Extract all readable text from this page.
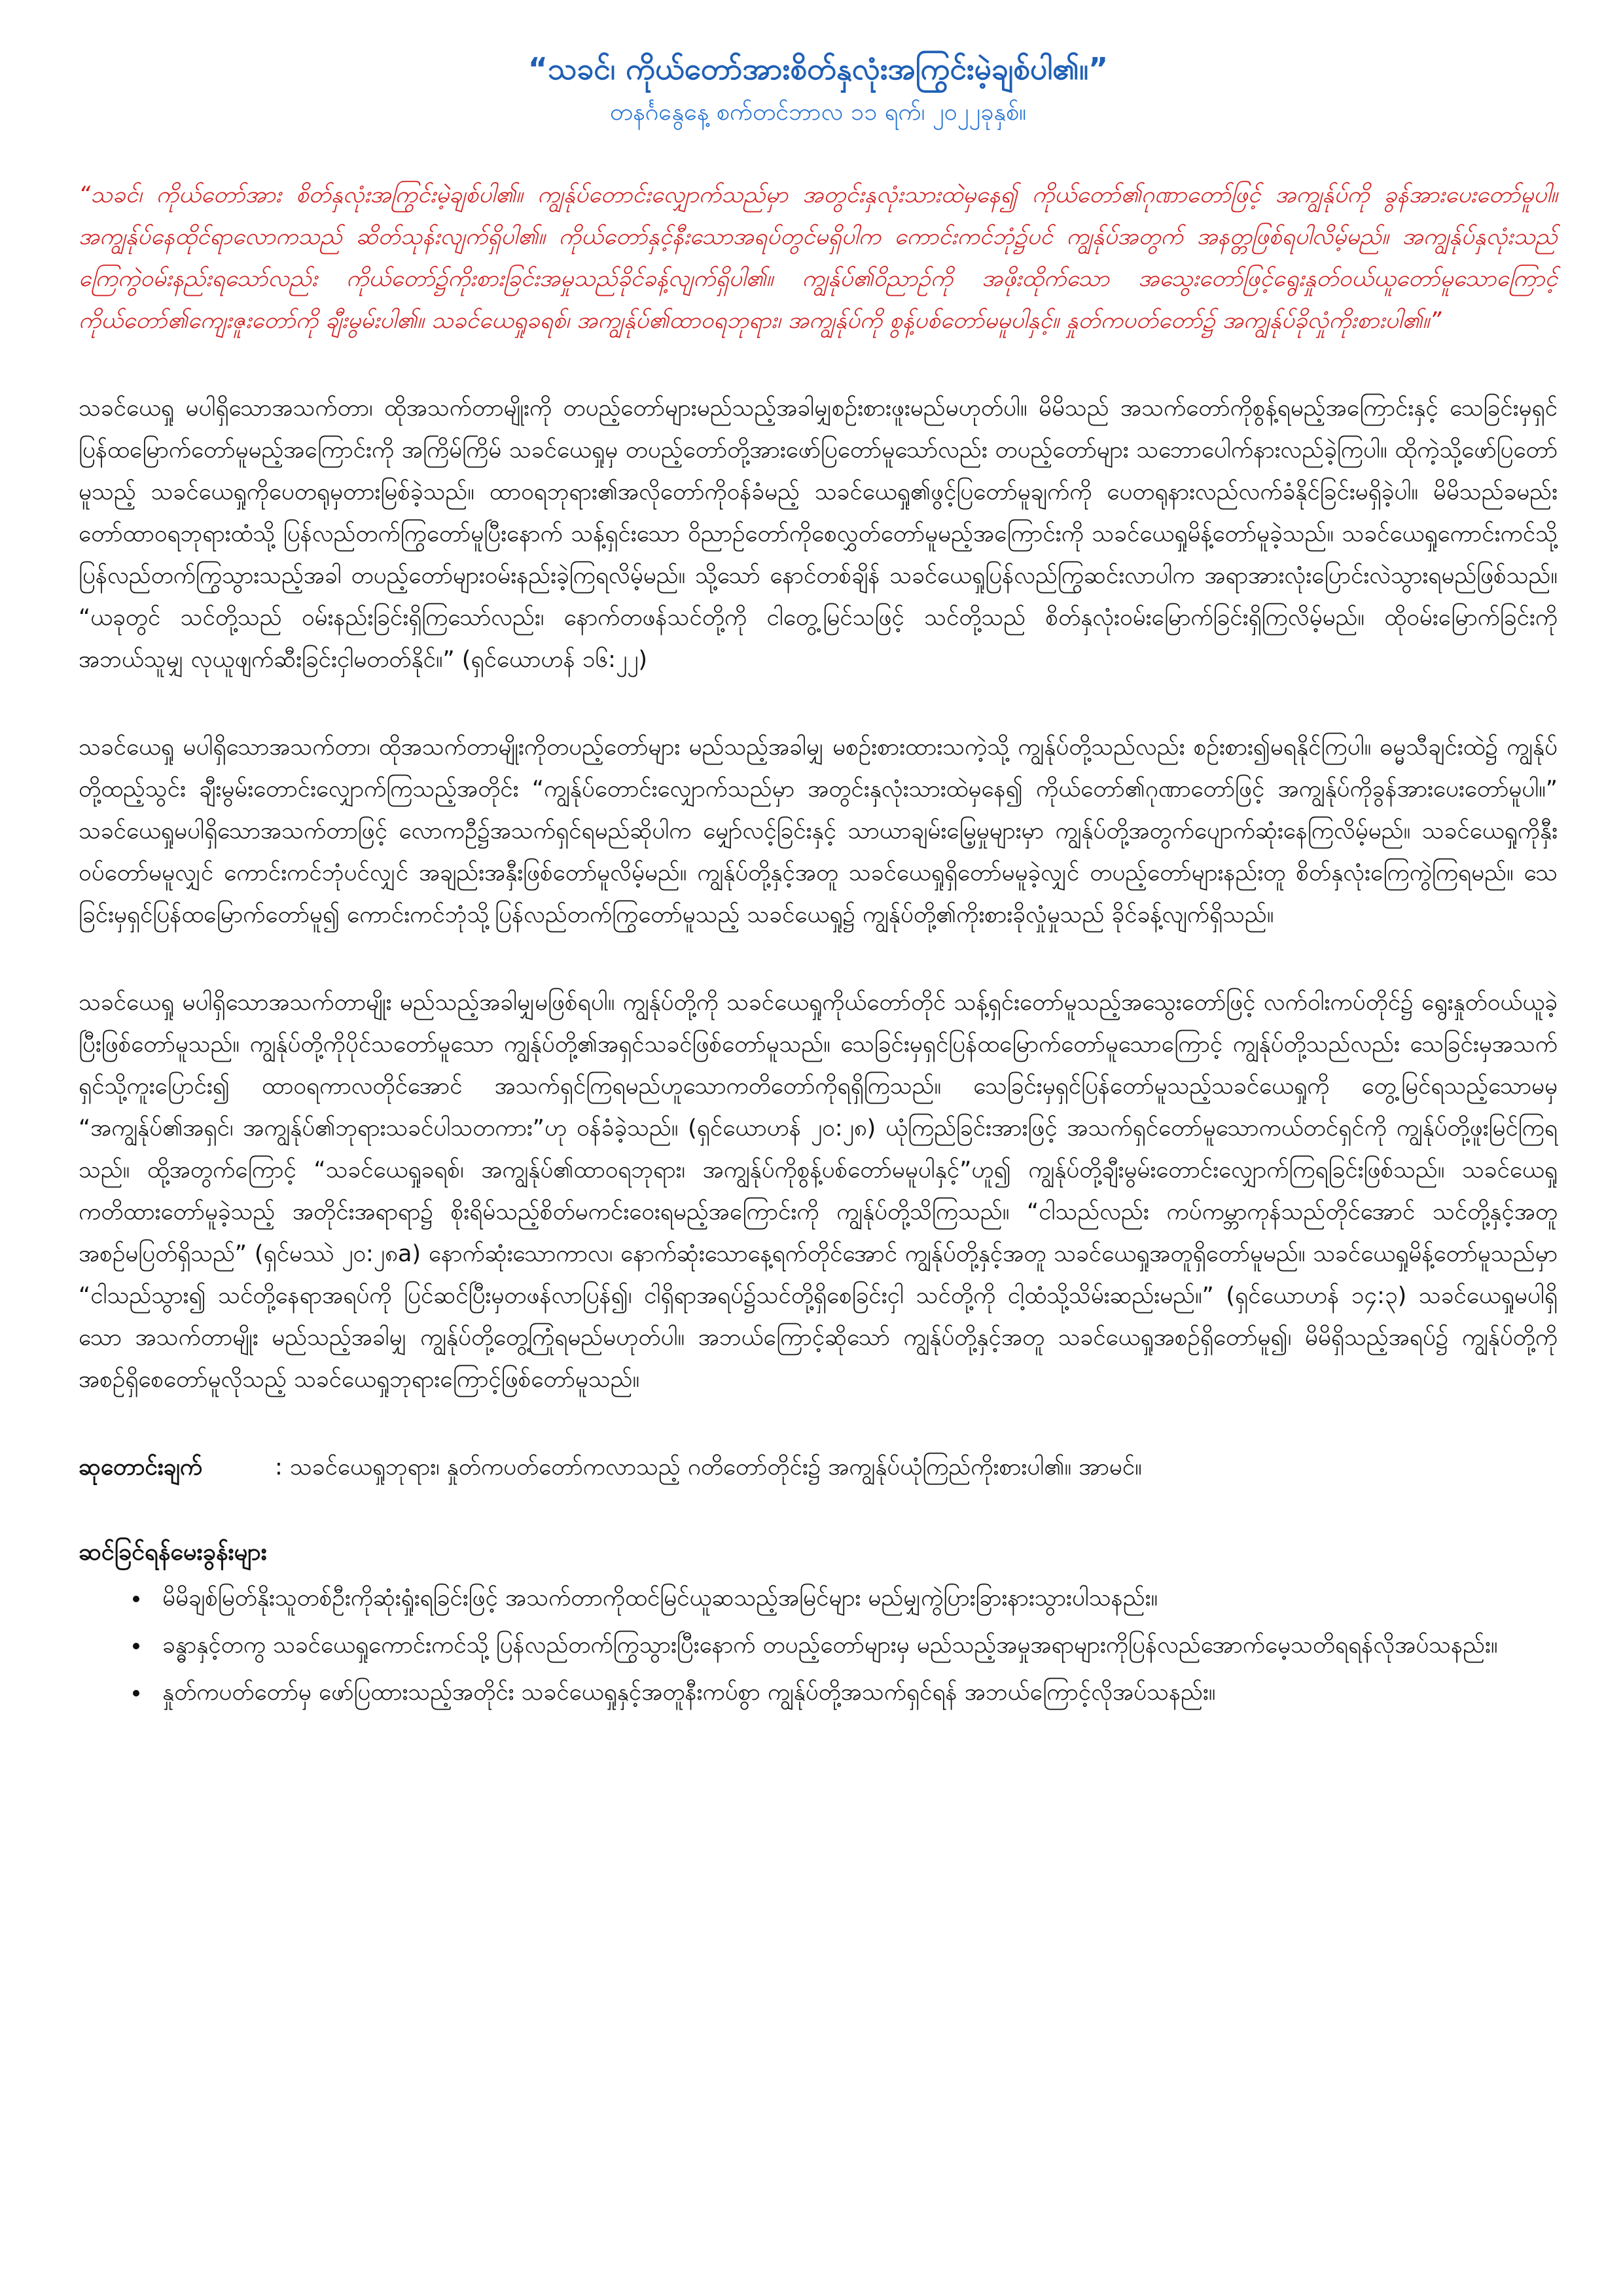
“သခင်၊ ကိုယ်တော်အားစိတ်နှလုံးအကြွင်းမဲ့ချစ်ပါ၏။”

တနင်္ဂနွေနေ့ စက်တင်ဘာလ ၁၁ ရက်၊ ၂၀၂၂ခုနှစ်။

“သခင်၊ ကိုယ်တော်အား စိတ်နှလုံးအကြွင်းမဲ့ချစ်ပါ၏။ ကျွန်ုပ်တောင်းလျှောက်သည်မှာ အတွင်းနှလုံးသားထဲမှနေ၍ ကိုယ်တော်၏ဂုဏာတော်ဖြင့် အကျွန်ုပ်ကို ခွန်အားပေးတော်မူပါ။ အကျွန်ုပ်နေထိုင်ရာလောကသည် ဆိတ်သုန်းလျက်ရှိပါ၏။ ကိုယ်တော်နှင့်နီးသောအရပ်တွင်မရှိပါက ကောင်းကင်ဘုံ၌ပင် ကျွန်ုပ်အတွက် အနတ္တဖြစ်ရပါလိမ့်မည်။ အကျွန်ုပ်နှလုံးသည် ကြေကွဲဝမ်းနည်းရသော်လည်း ကိုယ်တော်၌ကိုးစားခြင်းအမှုသည်ခိုင်ခန့်လျက်ရှိပါ၏။ ကျွန်ုပ်၏ဝိညာဉ်ကို အဖိုးထိုက်သော အသွေးတော်ဖြင့်ရွေးနှုတ်ဝယ်ယူတော်မူသောကြောင့် ကိုယ်တော်၏ကျေးဇူးတော်ကို ချီးမွမ်းပါ၏။ သခင်ယေရှုခရစ်၊ အကျွန်ုပ်၏ထာဝရဘုရား၊ အကျွန်ုပ်ကို စွန့်ပစ်တော်မမူပါနှင့်။ နှုတ်ကပတ်တော်၌ အကျွန်ုပ်ခိုလှုံကိုးစားပါ၏။”

သခင်ယေရှု မပါရှိသောအသက်တာ၊ ထိုအသက်တာမျိုးကို တပည့်တော်များမည်သည့်အခါမျှစဉ်းစားဖူးမည်မဟုတ်ပါ။ မိမိသည် အသက်တော်ကိုစွန့်ရမည့်အကြောင်းနှင့် သေခြင်းမှရှင်ပြန်ထမြောက်တော်မူမည့်အကြောင်းကို အကြိမ်ကြိမ် သခင်ယေရှုမှ တပည့်တော်တို့အားဖော်ပြတော်မူသော်လည်း တပည့်တော်များ သဘောပေါက်နားလည်ခဲ့ကြပါ။ ထိုကဲ့သို့ဖော်ပြတော်မူသည့် သခင်ယေရှုကိုပေတရုမှတားမြစ်ခဲ့သည်။ ထာဝရဘုရား၏အလိုတော်ကိုဝန်ခံမည့် သခင်ယေရှု၏ဖွင့်ပြတော်မူချက်ကို ပေတရုနားလည်လက်ခံနိုင်ခြင်းမရှိခဲ့ပါ။ မိမိသည်ခမည်းတော်ထာဝရဘုရားထံသို့ ပြန်လည်တက်ကြွတော်မူပြီးနောက် သန့်ရှင်းသော ဝိညာဉ်တော်ကိုစေလွှတ်တော်မူမည့်အကြောင်းကို သခင်ယေရှုမိန့်တော်မူခဲ့သည်။ သခင်ယေရှုကောင်းကင်သို့ ပြန်လည်တက်ကြွသွားသည့်အခါ တပည့်တော်များဝမ်းနည်းခဲ့ကြရလိမ့်မည်။ သို့သော် နောင်တစ်ချိန် သခင်ယေရှုပြန်လည်ကြွဆင်းလာပါက အရာအားလုံးပြောင်းလဲသွားရမည်ဖြစ်သည်။ “ယခုတွင် သင်တို့သည် ဝမ်းနည်းခြင်းရှိကြသော်လည်း၊ နောက်တဖန်သင်တို့ကို ငါတွေ့မြင်သဖြင့် သင်တို့သည် စိတ်နှလုံးဝမ်းမြောက်ခြင်းရှိကြလိမ့်မည်။ ထိုဝမ်းမြောက်ခြင်းကို အဘယ်သူမျှ လုယူဖျက်ဆီးခြင်းငှါမတတ်နိုင်။” (ရှင်ယောဟန် ၁၆:၂၂)

သခင်ယေရှု မပါရှိသောအသက်တာ၊ ထိုအသက်တာမျိုးကိုတပည့်တော်များ မည်သည့်အခါမျှ မစဉ်းစားထားသကဲ့သို့ ကျွန်ုပ်တို့သည်လည်း စဉ်းစား၍မရနိုင်ကြပါ။ ဓမ္မသီချင်းထဲ၌ ကျွန်ုပ်တို့ထည့်သွင်း ချီးမွမ်းတောင်းလျှောက်ကြသည့်အတိုင်း “ကျွန်ုပ်တောင်းလျှောက်သည်မှာ အတွင်းနှလုံးသားထဲမှနေ၍ ကိုယ်တော်၏ဂုဏာတော်ဖြင့် အကျွန်ုပ်ကိုခွန်အားပေးတော်မူပါ။” သခင်ယေရှုမပါရှိသောအသက်တာဖြင့် လောကဦ၌အသက်ရှင်ရမည်ဆိုပါက မျှော်လင့်ခြင်းနှင့် သာယာချမ်းမြေ့မှုများမှာ ကျွန်ုပ်တို့အတွက်ပျောက်ဆုံးနေကြလိမ့်မည်။ သခင်ယေရှုကိုနှီးဝပ်တော်မမူလျှင် ကောင်းကင်ဘုံပင်လျှင် အချည်းအနှီးဖြစ်တော်မူလိမ့်မည်။ ကျွန်ုပ်တို့နှင့်အတူ သခင်ယေရှုရှိတော်မမူခဲ့လျှင် တပည့်တော်များနည်းတူ စိတ်နှလုံးကြေကွဲကြရမည်။ သေခြင်းမှရှင်ပြန်ထမြောက်တော်မူ၍ ကောင်းကင်ဘုံသို့ပြန်လည်တက်ကြွတော်မူသည့် သခင်ယေရှု၌ ကျွန်ုပ်တို့၏ကိုးစားခိုလှုံမှုသည် ခိုင်ခန့်လျက်ရှိသည်။

သခင်ယေရှု မပါရှိသောအသက်တာမျိုး မည်သည့်အခါမျှမဖြစ်ရပါ။ ကျွန်ုပ်တို့ကို သခင်ယေရှုကိုယ်တော်တိုင် သန့်ရှင်းတော်မူသည့်အသွေးတော်ဖြင့် လက်ဝါးကပ်တိုင်၌ ရွေးနှုတ်ဝယ်ယူခဲ့ပြီးဖြစ်တော်မူသည်။ ကျွန်ုပ်တို့ကိုပိုင်သတော်မူသော ကျွန်ုပ်တို့၏အရှင်သခင်ဖြစ်တော်မူသည်။ သေခြင်းမှရှင်ပြန်ထမြောက်တော်မူသောကြောင့် ကျွန်ုပ်တို့သည်လည်း သေခြင်းမှအသက်ရှင်သို့ကူးပြောင်း၍ ထာဝရကာလတိုင်အောင် အသက်ရှင်ကြရမည်ဟူသောကတိတော်ကိုရရှိကြသည်။ သေခြင်းမှရှင်ပြန်တော်မူသည့်သခင်ယေရှုကို တွေ့မြင်ရသည့်သောမမှ “အကျွန်ုပ်၏အရှင်၊ အကျွန်ုပ်၏ဘုရားသခင်ပါသတကား”ဟု ဝန်ခံခဲ့သည်။ (ရှင်ယောဟန် ၂၀:၂၈) ယုံကြည်ခြင်းအားဖြင့် အသက်ရှင်တော်မူသောကယ်တင်ရှင်ကို ကျွန်ုပ်တို့ဖူးမြင်ကြရသည်။ ထို့အတွက်ကြောင့် “သခင်ယေရှုခရစ်၊ အကျွန်ုပ်၏ထာဝရဘုရား၊ အကျွန်ုပ်ကိုစွန့်ပစ်တော်မမူပါနှင့်”ဟူ၍ ကျွန်ုပ်တို့ချီးမွမ်းတောင်းလျှောက်ကြရခြင်းဖြစ်သည်။ သခင်ယေရှုကတိထားတော်မူခဲ့သည့် အတိုင်းအရာရာ၌ စိုးရိမ်သည့်စိတ်မကင်းဝေးရမည့်အကြောင်းကို ကျွန်ုပ်တို့သိကြသည်။ “ငါသည်လည်း ကပ်ကမ္ဘာကုန်သည်တိုင်အောင် သင်တို့နှင့်အတူအစဉ်မပြတ်ရှိသည်” (ရှင်မဿဲ ၂၀:၂၈a) နောက်ဆုံးသောကာလ၊ နောက်ဆုံးသောနေ့ရက်တိုင်အောင် ကျွန်ုပ်တို့နှင့်အတူ သခင်ယေရှုအတူရှိတော်မူမည်။ သခင်ယေရှုမိန့်တော်မူသည်မှာ “ငါသည်သွား၍ သင်တို့နေရာအရပ်ကို ပြင်ဆင်ပြီးမှတဖန်လာပြန်၍၊ ငါရှိရာအရပ်၌သင်တို့ရှိစေခြင်းငှါ သင်တို့ကို ငါ့ထံသို့သိမ်းဆည်းမည်။” (ရှင်ယောဟန် ၁၄:၃) သခင်ယေရှုမပါရှိသော အသက်တာမျိုး မည်သည့်အခါမျှ ကျွန်ုပ်တို့တွေ့ကြုံရမည်မဟုတ်ပါ။ အဘယ်ကြောင့်ဆိုသော် ကျွန်ုပ်တို့နှင့်အတူ သခင်ယေရှုအစဉ်ရှိတော်မူ၍၊ မိမိရှိသည့်အရပ်၌ ကျွန်ုပ်တို့ကို အစဉ်ရှိစေတော်မူလိုသည့် သခင်ယေရှုဘုရားကြောင့်ဖြစ်တော်မူသည်။

ဆုတောင်းချက်	: သခင်ယေရှုဘုရား၊ နှုတ်ကပတ်တော်ကလာသည့် ဂတိတော်တိုင်း၌ အကျွန်ုပ်ယုံကြည်ကိုးစားပါ၏။ အာမင်။
ဆင်ခြင်ရန်မေးခွန်းများ
• မိမိချစ်မြတ်နိုးသူတစ်ဦးကိုဆုံးရှုံးရခြင်းဖြင့် အသက်တာကိုထင်မြင်ယူဆသည့်အမြင်များ မည်မျှကွဲပြားခြားနားသွားပါသနည်း။
• ခန္ဓာနှင့်တကွ သခင်ယေရှုကောင်းကင်သို့ ပြန်လည်တက်ကြွသွားပြီးနောက် တပည့်တော်များမှ မည်သည့်အမှုအရာများကိုပြန်လည်အောက်မေ့သတိရရန်လိုအပ်သနည်း။
• နှုတ်ကပတ်တော်မှ ဖော်ပြထားသည့်အတိုင်း သခင်ယေရှုနှင့်အတူနီးကပ်စွာ ကျွန်ုပ်တို့အသက်ရှင်ရန် အဘယ်ကြောင့်လိုအပ်သနည်း။
